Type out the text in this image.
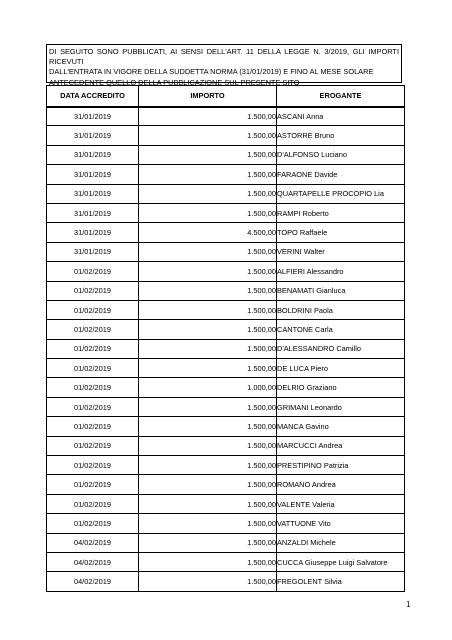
DI SEGUITO SONO PUBBLICATI, AI SENSI DELL'ART. 11 DELLA LEGGE N. 3/2019, GLI IMPORTI RICEVUTI
DALL'ENTRATA IN VIGORE DELLA SUDDETTA NORMA (31/01/2019) E FINO AL MESE SOLARE
ANTECEDENTE QUELLO DELLA PUBBLICAZIONE SUL PRESENTE SITO
DATA ACCREDITO	IMPORTO	EROGANTE
31/01/2019	1.500,00	ASCANI Anna
31/01/2019	1.500,00	ASTORRE Bruno
31/01/2019	1.500,00	D'ALFONSO Luciano
31/01/2019	1.500,00	FARAONE Davide
31/01/2019	1.500,00	QUARTAPELLE PROCOPIO Lia
31/01/2019	1.500,00	RAMPI Roberto
31/01/2019	4.500,00	TOPO Raffaele
31/01/2019	1.500,00	VERINI Walter
01/02/2019	1.500,00	ALFIERI Alessandro
01/02/2019	1.500,00	BENAMATI Gianluca
01/02/2019	1.500,00	BOLDRINI Paola
01/02/2019	1.500,00	CANTONE Carla
01/02/2019	1.500,00	D'ALESSANDRO Camillo
01/02/2019	1.500,00	DE LUCA Piero
01/02/2019	1.000,00	DELRIO Graziano
01/02/2019	1.500,00	GRIMANI Leonardo
01/02/2019	1.500,00	MANCA Gavino
01/02/2019	1.500,00	MARCUCCI Andrea
01/02/2019	1.500,00	PRESTIPINO Patrizia
01/02/2019	1.500,00	ROMANO Andrea
01/02/2019	1.500,00	VALENTE Valeria
01/02/2019	1.500,00	VATTUONE Vito
04/02/2019	1.500,00	ANZALDI Michele
04/02/2019	1.500,00	CUCCA Giuseppe Luigi Salvatore
04/02/2019	1.500,00	FREGOLENT Silvia
1
